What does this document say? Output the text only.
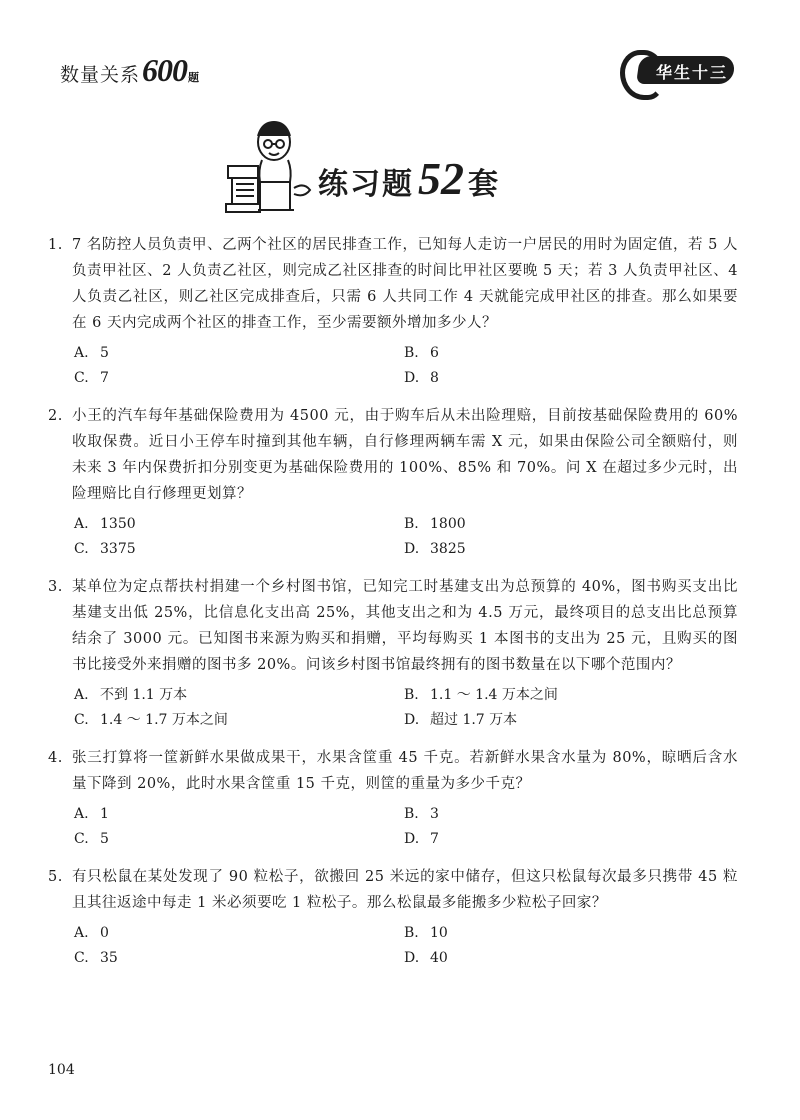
数量关系 600 题	华生十三
练习题 52 套
1. 7 名防控人员负责甲、乙两个社区的居民排查工作，已知每人走访一户居民的用时为固定值，若 5 人负责甲社区、2 人负责乙社区，则完成乙社区排查的时间比甲社区要晚 5 天；若 3 人负责甲社区、4 人负责乙社区，则乙社区完成排查后，只需 6 人共同工作 4 天就能完成甲社区的排查。那么如果要在 6 天内完成两个社区的排查工作，至少需要额外增加多少人？
A. 5	B. 6
C. 7	D. 8
2. 小王的汽车每年基础保险费用为 4500 元，由于购车后从未出险理赔，目前按基础保险费用的 60% 收取保费。近日小王停车时撞到其他车辆，自行修理两辆车需 X 元，如果由保险公司全额赔付，则未来 3 年内保费折扣分别变更为基础保险费用的 100%、85% 和 70%。问 X 在超过多少元时，出险理赔比自行修理更划算？
A. 1350	B. 1800
C. 3375	D. 3825
3. 某单位为定点帮扶村捐建一个乡村图书馆，已知完工时基建支出为总预算的 40%，图书购买支出比基建支出低 25%，比信息化支出高 25%，其他支出之和为 4.5 万元，最终项目的总支出比总预算结余了 3000 元。已知图书来源为购买和捐赠，平均每购买 1 本图书的支出为 25 元，且购买的图书比接受外来捐赠的图书多 20%。问该乡村图书馆最终拥有的图书数量在以下哪个范围内？
A. 不到 1.1 万本	B. 1.1 ～ 1.4 万本之间
C. 1.4 ～ 1.7 万本之间	D. 超过 1.7 万本
4. 张三打算将一筐新鲜水果做成果干，水果含筐重 45 千克。若新鲜水果含水量为 80%，晾晒后含水量下降到 20%，此时水果含筐重 15 千克，则筐的重量为多少千克？
A. 1	B. 3
C. 5	D. 7
5. 有只松鼠在某处发现了 90 粒松子，欲搬回 25 米远的家中储存，但这只松鼠每次最多只携带 45 粒且其往返途中每走 1 米必须要吃 1 粒松子。那么松鼠最多能搬多少粒松子回家？
A. 0	B. 10
C. 35	D. 40
104
